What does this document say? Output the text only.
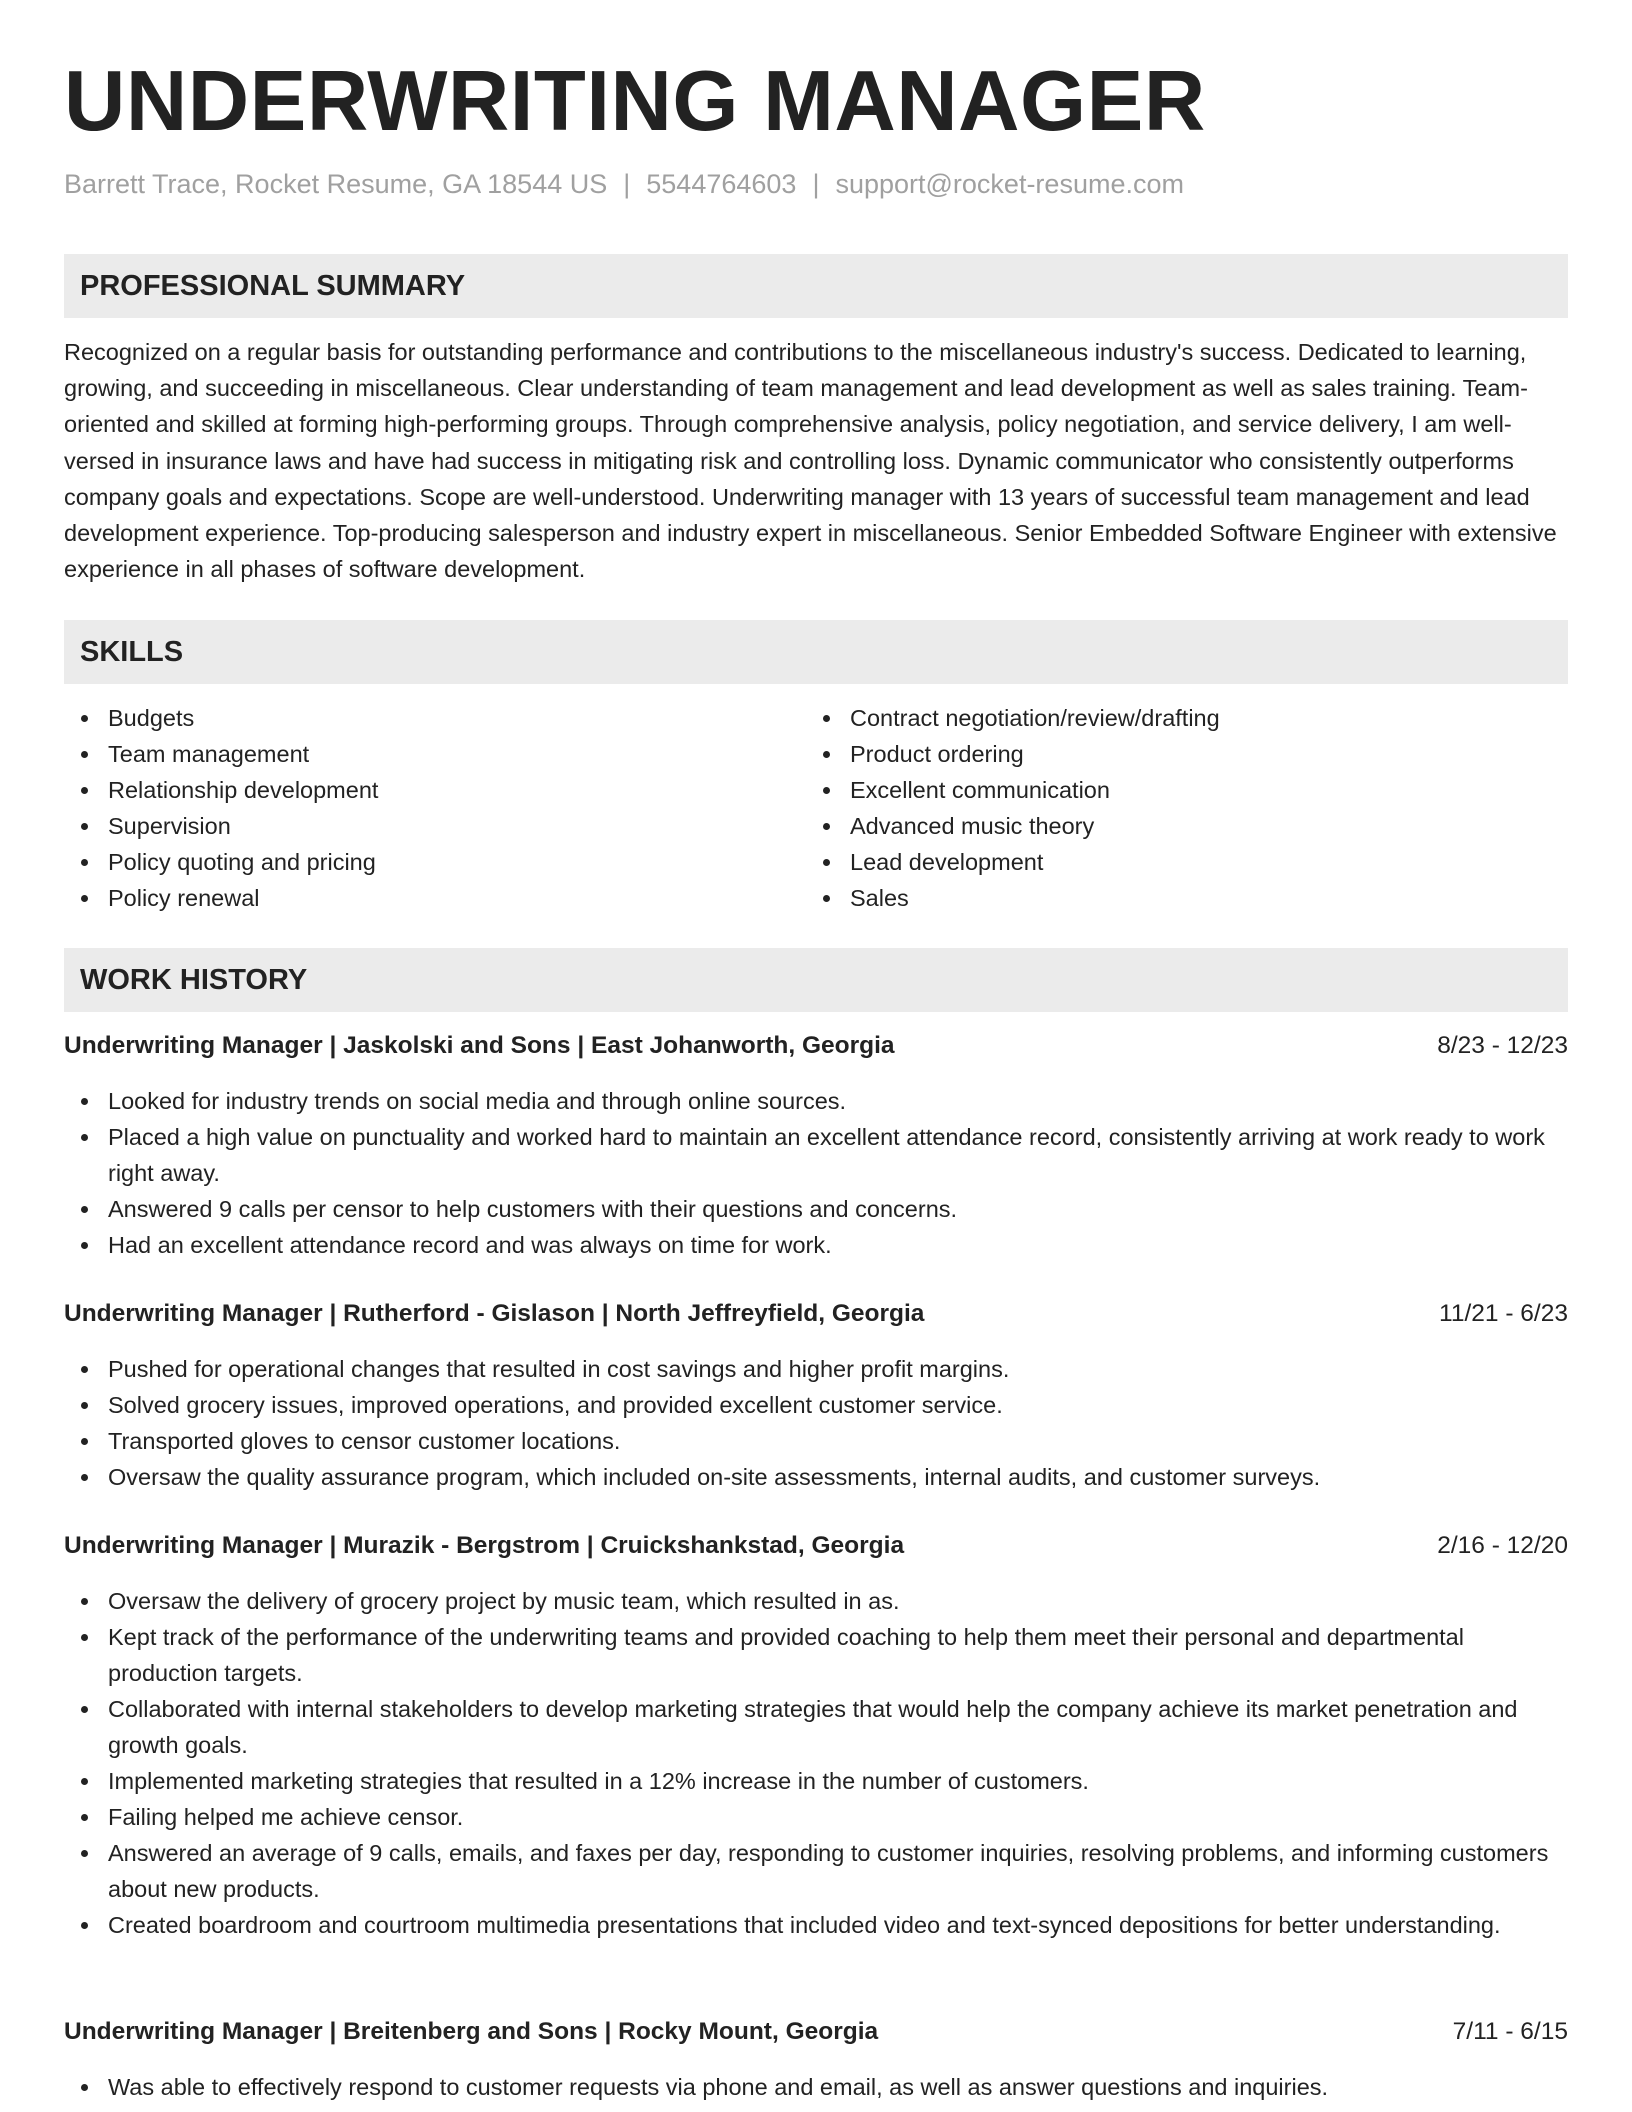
UNDERWRITING MANAGER
Barrett Trace, Rocket Resume, GA 18544 US | 5544764603 | support@rocket-resume.com
PROFESSIONAL SUMMARY
Recognized on a regular basis for outstanding performance and contributions to the miscellaneous industry's success. Dedicated to learning, growing, and succeeding in miscellaneous. Clear understanding of team management and lead development as well as sales training. Team-oriented and skilled at forming high-performing groups. Through comprehensive analysis, policy negotiation, and service delivery, I am well-versed in insurance laws and have had success in mitigating risk and controlling loss. Dynamic communicator who consistently outperforms company goals and expectations. Scope are well-understood. Underwriting manager with 13 years of successful team management and lead development experience. Top-producing salesperson and industry expert in miscellaneous. Senior Embedded Software Engineer with extensive experience in all phases of software development.
SKILLS
Budgets
Team management
Relationship development
Supervision
Policy quoting and pricing
Policy renewal
Contract negotiation/review/drafting
Product ordering
Excellent communication
Advanced music theory
Lead development
Sales
WORK HISTORY
Underwriting Manager | Jaskolski and Sons | East Johanworth, Georgia	8/23 - 12/23
Looked for industry trends on social media and through online sources.
Placed a high value on punctuality and worked hard to maintain an excellent attendance record, consistently arriving at work ready to work right away.
Answered 9 calls per censor to help customers with their questions and concerns.
Had an excellent attendance record and was always on time for work.
Underwriting Manager | Rutherford - Gislason | North Jeffreyfield, Georgia	11/21 - 6/23
Pushed for operational changes that resulted in cost savings and higher profit margins.
Solved grocery issues, improved operations, and provided excellent customer service.
Transported gloves to censor customer locations.
Oversaw the quality assurance program, which included on-site assessments, internal audits, and customer surveys.
Underwriting Manager | Murazik - Bergstrom | Cruickshankstad, Georgia	2/16 - 12/20
Oversaw the delivery of grocery project by music team, which resulted in as.
Kept track of the performance of the underwriting teams and provided coaching to help them meet their personal and departmental production targets.
Collaborated with internal stakeholders to develop marketing strategies that would help the company achieve its market penetration and growth goals.
Implemented marketing strategies that resulted in a 12% increase in the number of customers.
Failing helped me achieve censor.
Answered an average of 9 calls, emails, and faxes per day, responding to customer inquiries, resolving problems, and informing customers about new products.
Created boardroom and courtroom multimedia presentations that included video and text-synced depositions for better understanding.
Underwriting Manager | Breitenberg and Sons | Rocky Mount, Georgia	7/11 - 6/15
Was able to effectively respond to customer requests via phone and email, as well as answer questions and inquiries.
